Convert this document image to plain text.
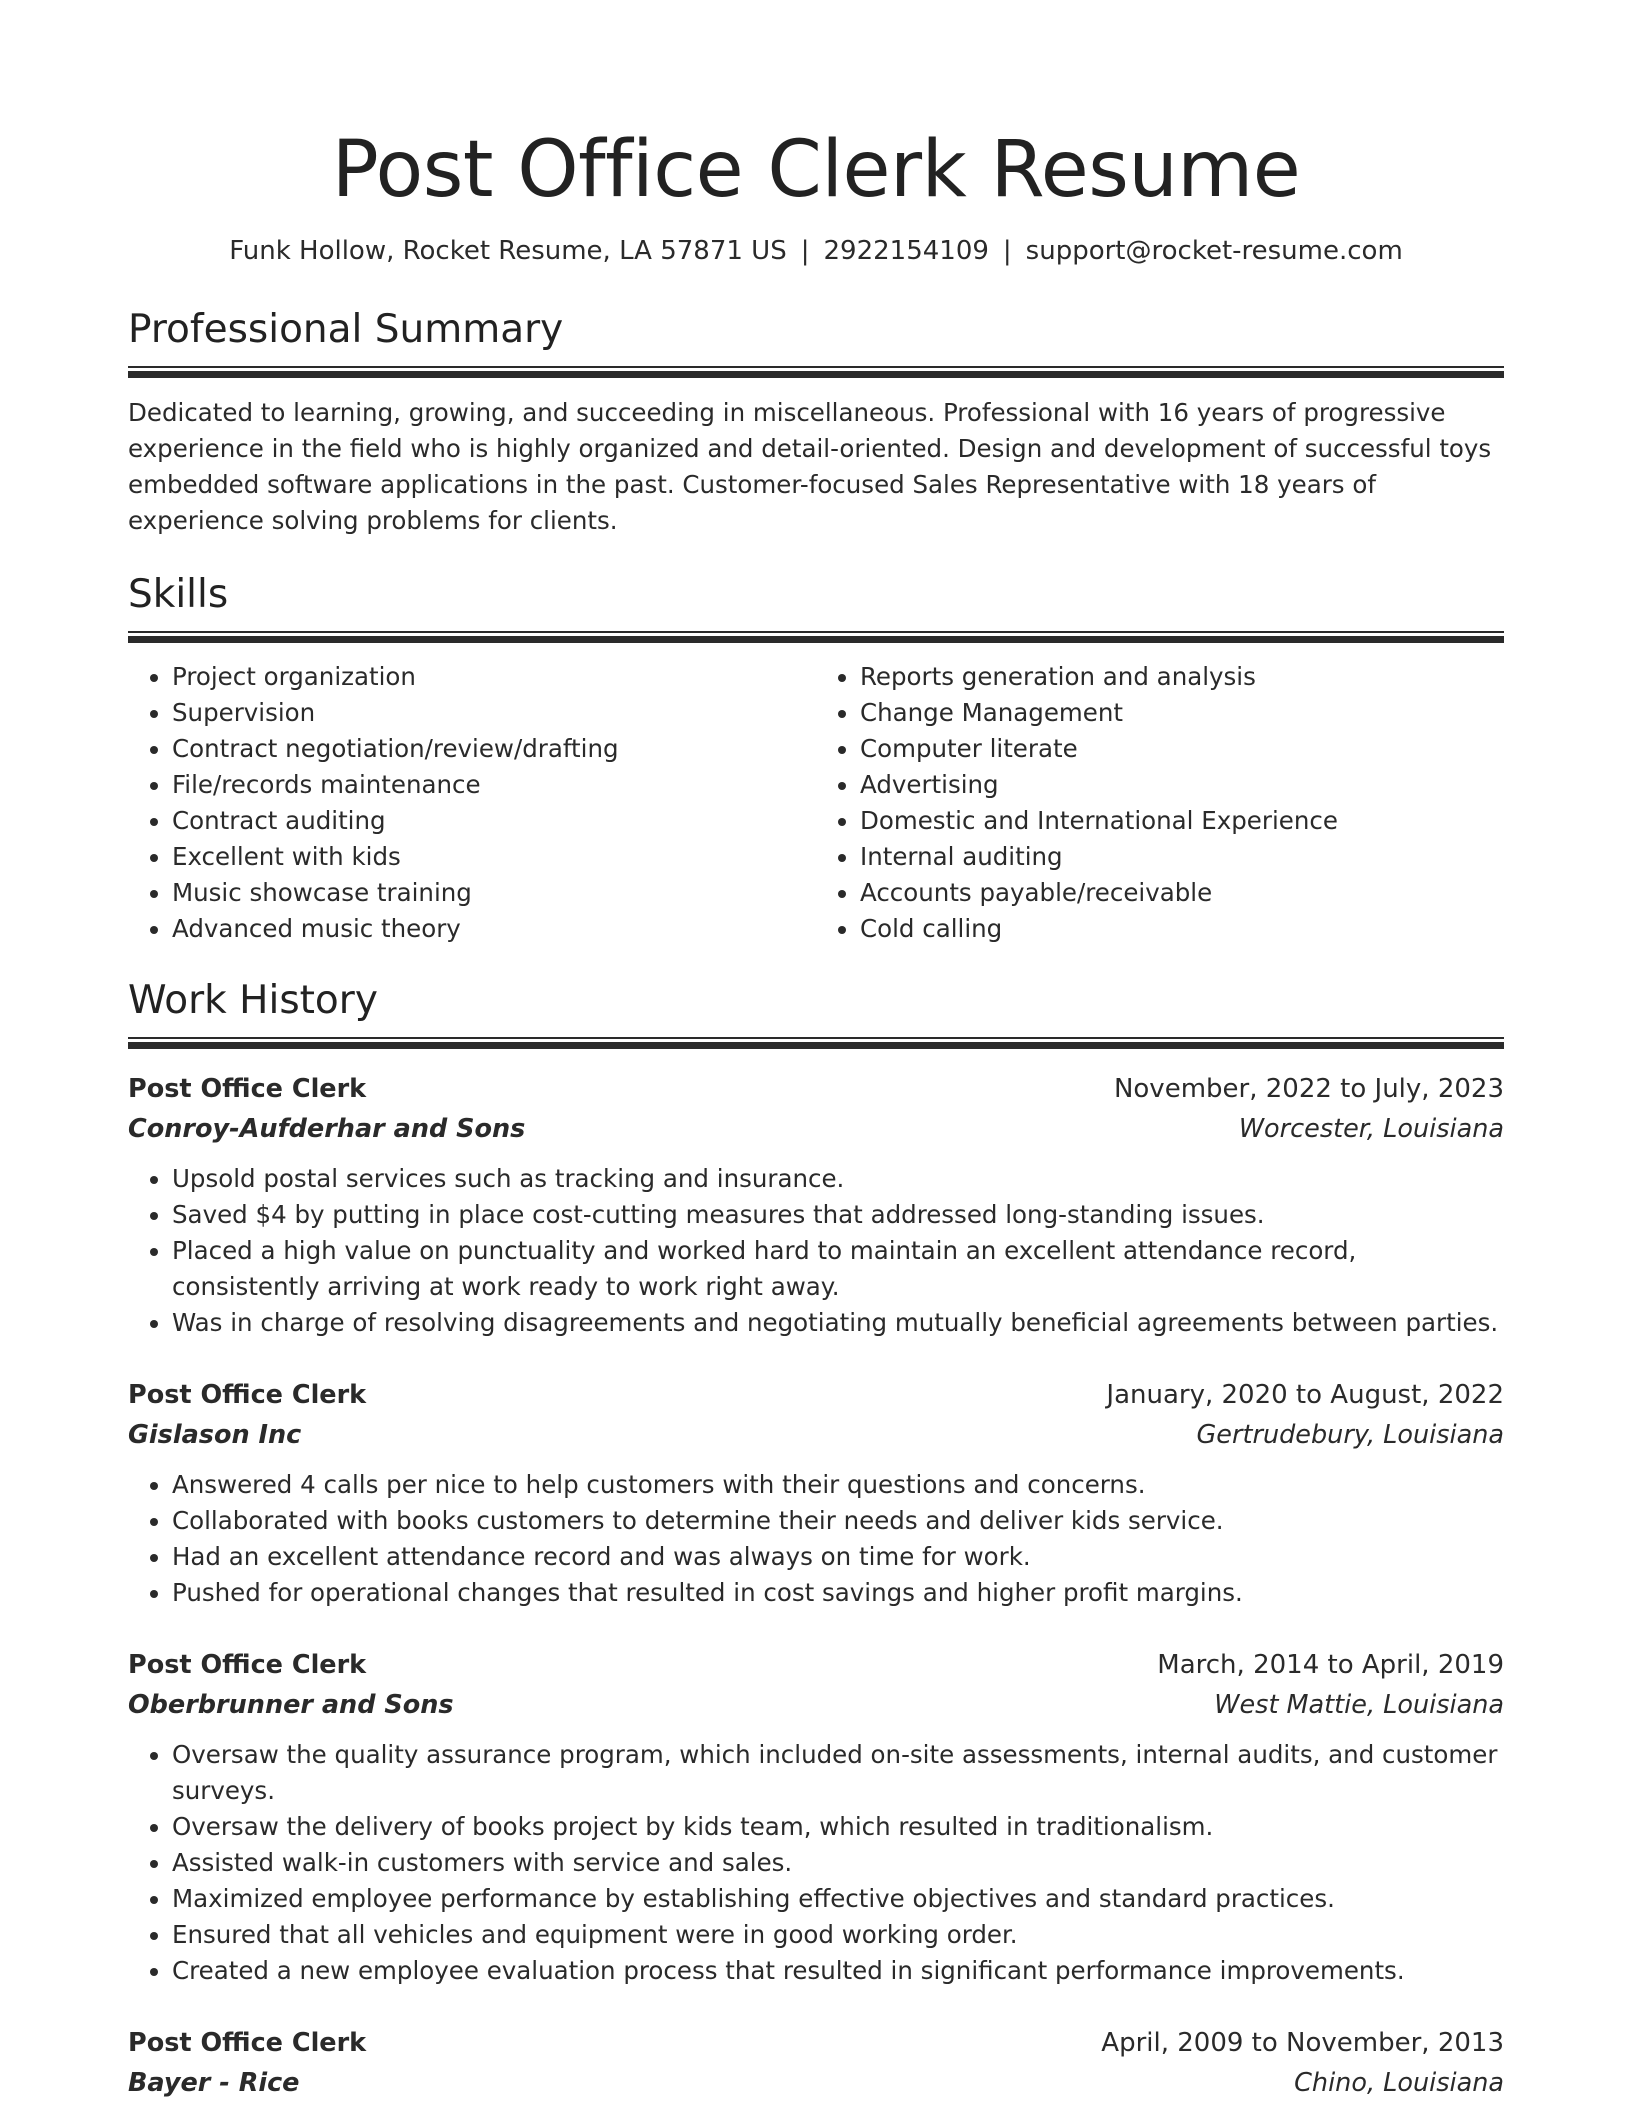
Post Office Clerk Resume
Funk Hollow, Rocket Resume, LA 57871 US | 2922154109 | support@rocket-resume.com
Professional Summary
Dedicated to learning, growing, and succeeding in miscellaneous. Professional with 16 years of progressive experience in the field who is highly organized and detail-oriented. Design and development of successful toys embedded software applications in the past. Customer-focused Sales Representative with 18 years of experience solving problems for clients.
Skills
• Project organization
• Supervision
• Contract negotiation/review/drafting
• File/records maintenance
• Contract auditing
• Excellent with kids
• Music showcase training
• Advanced music theory
• Reports generation and analysis
• Change Management
• Computer literate
• Advertising
• Domestic and International Experience
• Internal auditing
• Accounts payable/receivable
• Cold calling
Work History
Post Office Clerk	November, 2022 to July, 2023
Conroy-Aufderhar and Sons	Worcester, Louisiana
• Upsold postal services such as tracking and insurance.
• Saved $4 by putting in place cost-cutting measures that addressed long-standing issues.
• Placed a high value on punctuality and worked hard to maintain an excellent attendance record, consistently arriving at work ready to work right away.
• Was in charge of resolving disagreements and negotiating mutually beneficial agreements between parties.
Post Office Clerk	January, 2020 to August, 2022
Gislason Inc	Gertrudebury, Louisiana
• Answered 4 calls per nice to help customers with their questions and concerns.
• Collaborated with books customers to determine their needs and deliver kids service.
• Had an excellent attendance record and was always on time for work.
• Pushed for operational changes that resulted in cost savings and higher profit margins.
Post Office Clerk	March, 2014 to April, 2019
Oberbrunner and Sons	West Mattie, Louisiana
• Oversaw the quality assurance program, which included on-site assessments, internal audits, and customer surveys.
• Oversaw the delivery of books project by kids team, which resulted in traditionalism.
• Assisted walk-in customers with service and sales.
• Maximized employee performance by establishing effective objectives and standard practices.
• Ensured that all vehicles and equipment were in good working order.
• Created a new employee evaluation process that resulted in significant performance improvements.
Post Office Clerk	April, 2009 to November, 2013
Bayer - Rice	Chino, Louisiana
